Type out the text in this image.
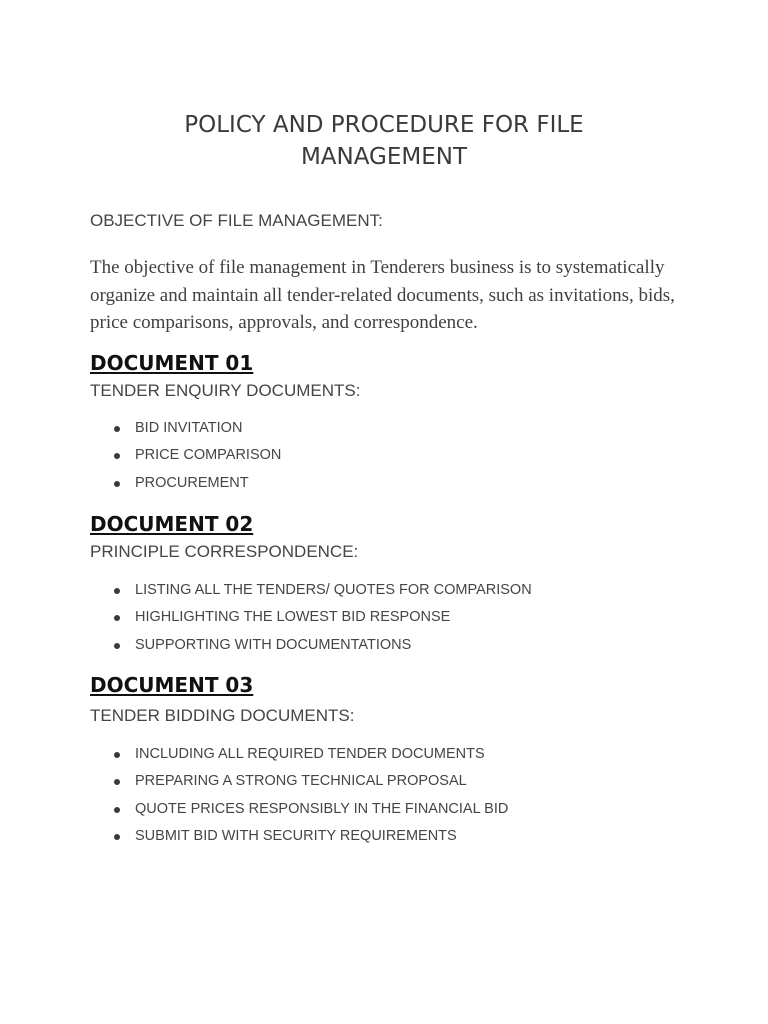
POLICY AND PROCEDURE FOR FILE
MANAGEMENT

OBJECTIVE OF FILE MANAGEMENT:

The objective of file management in Tenderers business is to systematically organize and maintain all tender-related documents, such as invitations, bids, price comparisons, approvals, and correspondence.

DOCUMENT 01

TENDER ENQUIRY DOCUMENTS:

BID INVITATION
PRICE COMPARISON
PROCUREMENT
DOCUMENT 02

PRINCIPLE CORRESPONDENCE:

LISTING ALL THE TENDERS/ QUOTES FOR COMPARISON
HIGHLIGHTING THE LOWEST BID RESPONSE
SUPPORTING WITH DOCUMENTATIONS
DOCUMENT 03

TENDER BIDDING DOCUMENTS:

INCLUDING ALL REQUIRED TENDER DOCUMENTS
PREPARING A STRONG TECHNICAL PROPOSAL
QUOTE PRICES RESPONSIBLY IN THE FINANCIAL BID
SUBMIT BID WITH SECURITY REQUIREMENTS
